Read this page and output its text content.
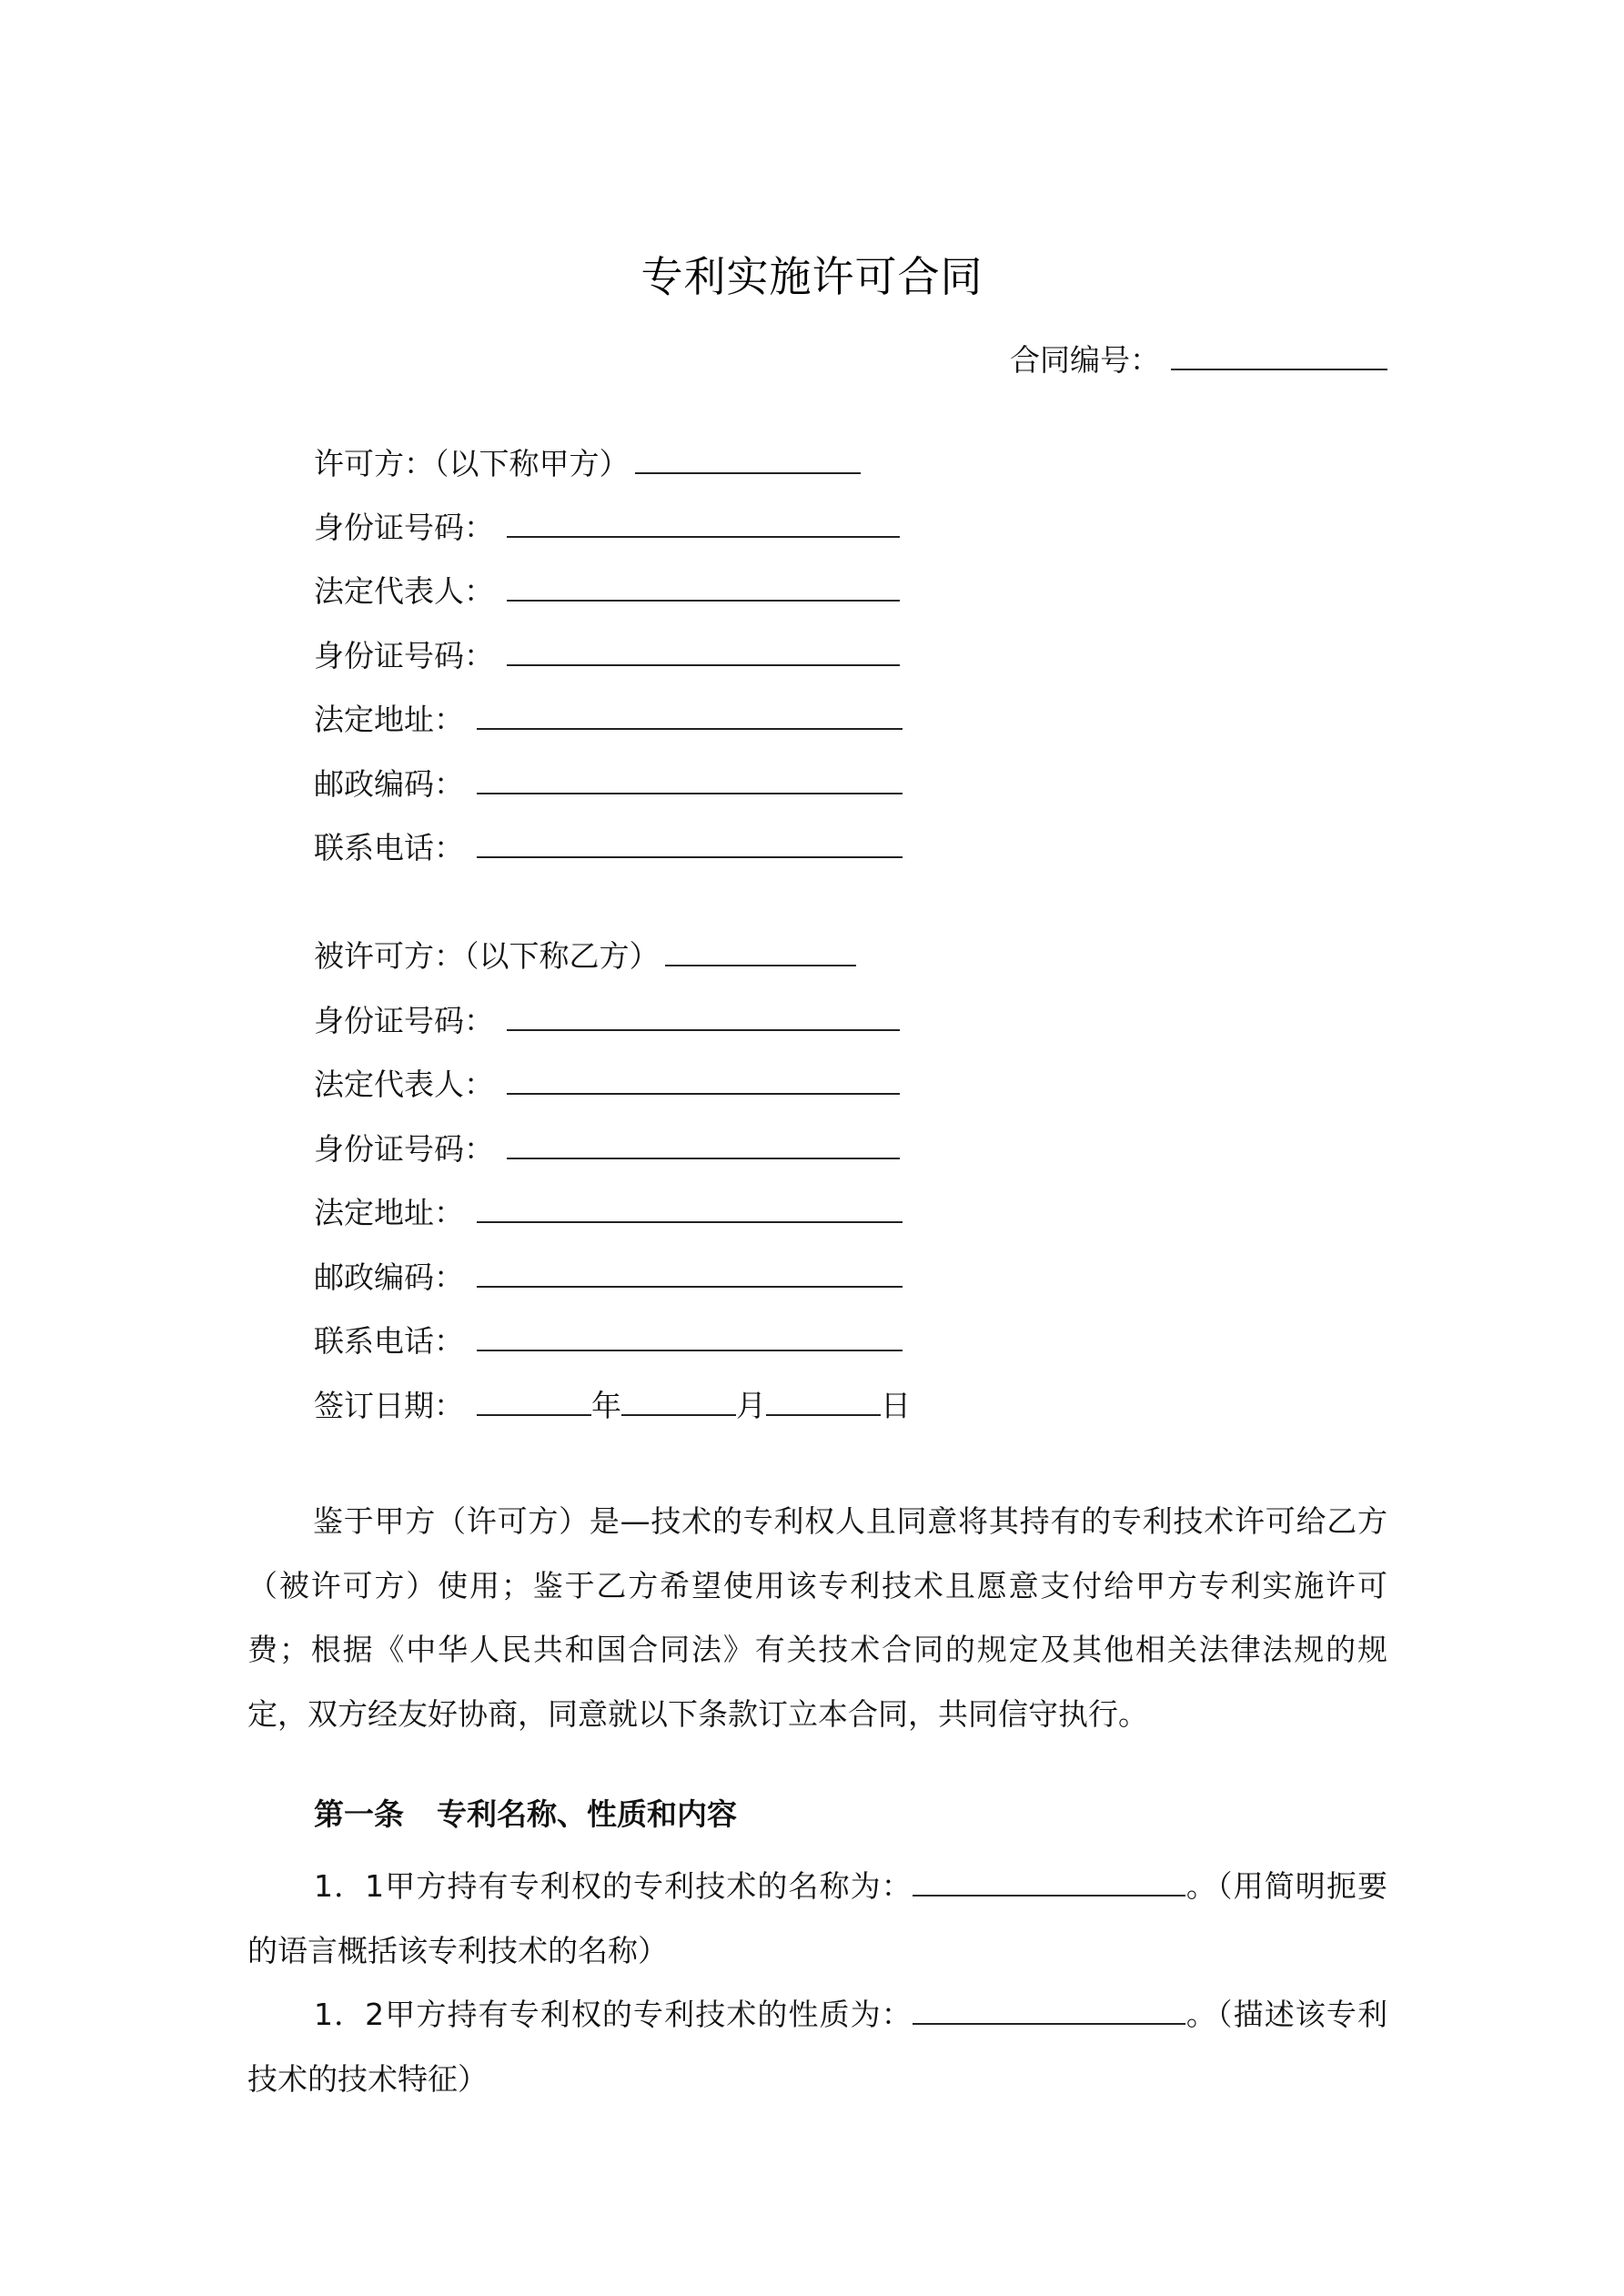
专利实施许可合同
合同编号：
许可方：（以下称甲方）
身份证号码：
法定代表人：
身份证号码：
法定地址：
邮政编码：
联系电话：
被许可方：（以下称乙方）
身份证号码：
法定代表人：
身份证号码：
法定地址：
邮政编码：
联系电话：
签订日期：	年	月	日
鉴于甲方（许可方）是—技术的专利权人且同意将其持有的专利技术许可给乙方（被许可方）使用；鉴于乙方希望使用该专利技术且愿意支付给甲方专利实施许可费；根据《中华人民共和国合同法》有关技术合同的规定及其他相关法律法规的规定，双方经友好协商，同意就以下条款订立本合同，共同信守执行。
第一条 专利名称、性质和内容
1．1甲方持有专利权的专利技术的名称为：	。（用简明扼要的语言概括该专利技术的名称）
1．2甲方持有专利权的专利技术的性质为：	。（描述该专利技术的技术特征）
